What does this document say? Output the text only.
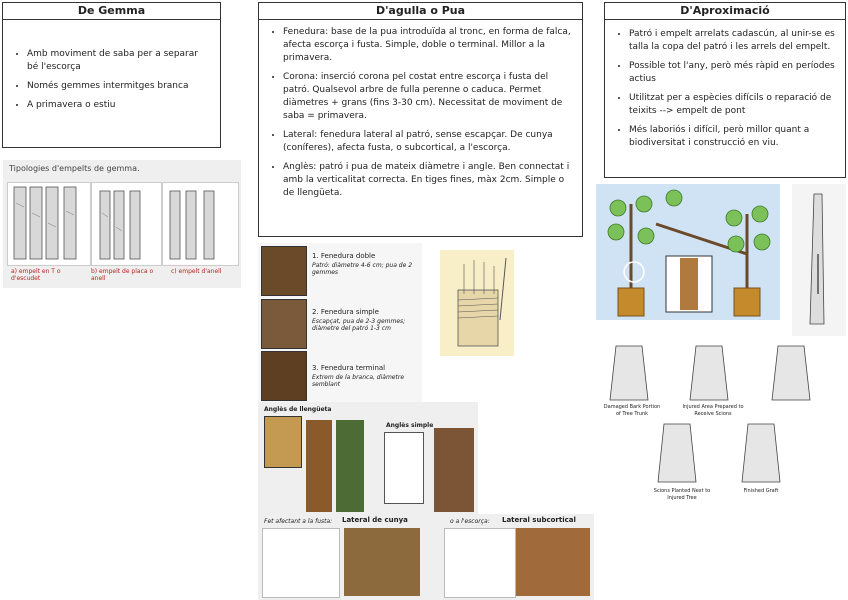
De Gemma
• Amb moviment de saba per a separar bé l'escorça
• Només gemmes intermitges branca
• A primavera o estiu
D'agulla o Pua
• Fenedura: base de la pua introduïda al tronc, en forma de falca, afecta escorça i fusta. Simple, doble o terminal. Millor a la primavera.
• Corona: inserció corona pel costat entre escorça i fusta del patró. Qualsevol arbre de fulla perenne o caduca. Permet diàmetres + grans (fins 3-30 cm). Necessitat de moviment de saba = primavera.
• Lateral: fenedura lateral al patró, sense escapçar. De cunya (coníferes), afecta fusta, o subcortical, a l'escorça.
• Anglès: patró i pua de mateix diàmetre i angle. Ben connectat i amb la verticalitat correcta. En tiges fines, màx 2cm. Simple o de llengüeta.
D'Aproximació
• Patró i empelt arrelats cadascún, al unir-se es talla la copa del patró i les arrels del empelt.
• Possible tot l'any, però més ràpid en períodes actius
• Utilitzat per a espècies difícils o reparació de teixits --> empelt de pont
• Més laboriós i difícil, però millor quant a biodiversitat i construcció en viu.
Tipologies d'empelts de gemma.
a) empelt en T o d'escudet
b) empelt de placa o anell
c) empelt d'anell
1. Fenedura doble
Patró: diàmetre 4-6 cm; pua de 2 gemmes
2. Fenedura simple
Escapçat, pua de 2-3 gemmes; diàmetre del patró 1-3 cm
3. Fenedura terminal
Extrem de la branca, diàmetre semblant
Anglès de llengüeta
Anglès simple
Fet afectant a la fusta: Lateral de cunya	o a l'escorça: Lateral subcortical
Damaged Bark Portion of Tree Trunk
Injured Area Prepared to Receive Scions
Scions Planted Next to Injured Tree
Finished Graft
